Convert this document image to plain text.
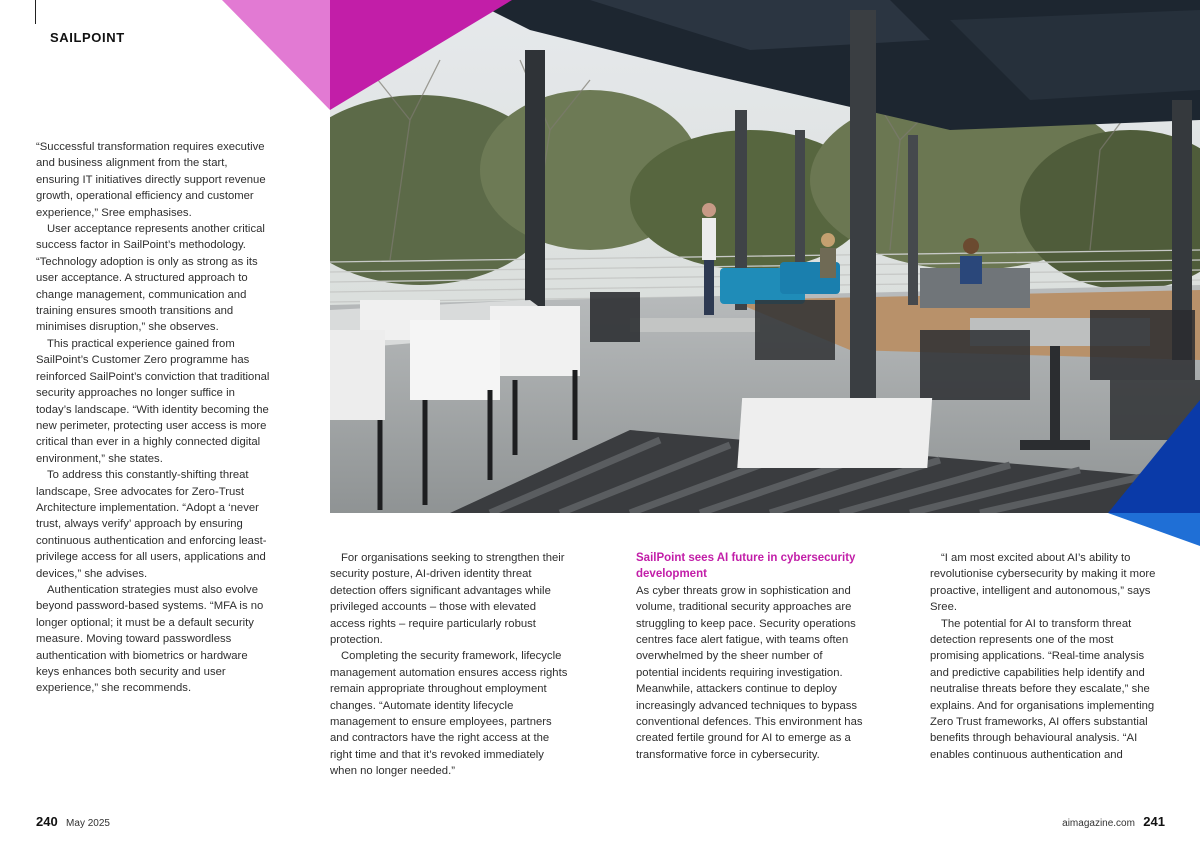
SAILPOINT

“Successful transformation requires executive and business alignment from the start, ensuring IT initiatives directly support revenue growth, operational efficiency and customer experience,” Sree emphasises.

User acceptance represents another critical success factor in SailPoint’s methodology. “Technology adoption is only as strong as its user acceptance. A structured approach to change management, communication and training ensures smooth transitions and minimises disruption,” she observes.

This practical experience gained from SailPoint’s Customer Zero programme has reinforced SailPoint’s conviction that traditional security approaches no longer suffice in today’s landscape. “With identity becoming the new perimeter, protecting user access is more critical than ever in a highly connected digital environment,” she states.

To address this constantly-shifting threat landscape, Sree advocates for Zero-Trust Architecture implementation. “Adopt a ‘never trust, always verify’ approach by ensuring continuous authentication and enforcing least-privilege access for all users, applications and devices,” she advises.

Authentication strategies must also evolve beyond password-based systems. “MFA is no longer optional; it must be a default security measure. Moving toward passwordless authentication with biometrics or hardware keys enhances both security and user experience,” she recommends.

For organisations seeking to strengthen their security posture, AI-driven identity threat detection offers significant advantages while privileged accounts – those with elevated access rights – require particularly robust protection.

Completing the security framework, lifecycle management automation ensures access rights remain appropriate throughout employment changes. “Automate identity lifecycle management to ensure employees, partners and contractors have the right access at the right time and that it’s revoked immediately when no longer needed.”

SailPoint sees AI future in cybersecurity development

As cyber threats grow in sophistication and volume, traditional security approaches are struggling to keep pace. Security operations centres face alert fatigue, with teams often overwhelmed by the sheer number of potential incidents requiring investigation. Meanwhile, attackers continue to deploy increasingly advanced techniques to bypass conventional defences. This environment has created fertile ground for AI to emerge as a transformative force in cybersecurity.

“I am most excited about AI’s ability to revolutionise cybersecurity by making it more proactive, intelligent and autonomous,” says Sree.

The potential for AI to transform threat detection represents one of the most promising applications. “Real-time analysis and predictive capabilities help identify and neutralise threats before they escalate,” she explains. And for organisations implementing Zero Trust frameworks, AI offers substantial benefits through behavioural analysis. “AI enables continuous authentication and

240 May 2025	aimagazine.com 241
